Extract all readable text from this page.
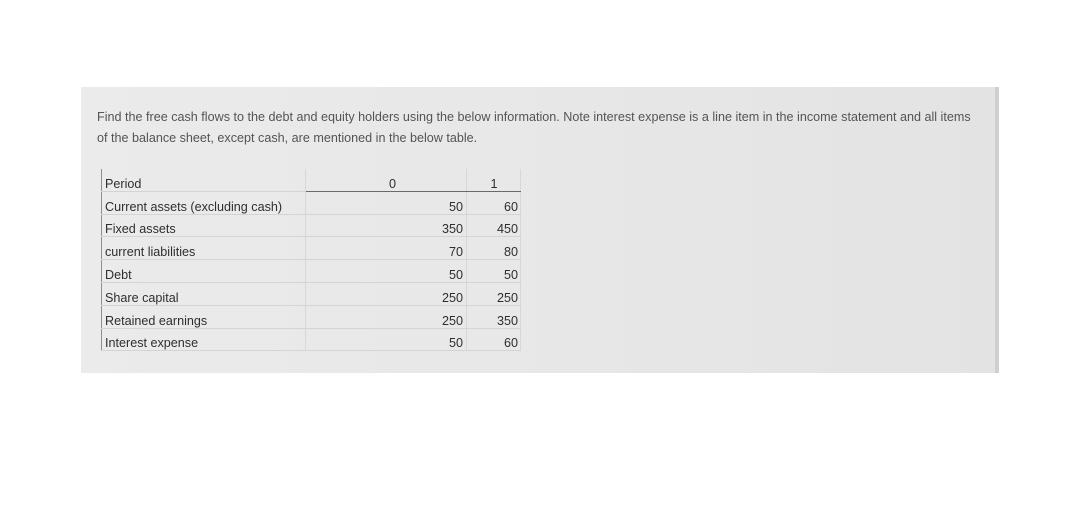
Find the free cash flows to the debt and equity holders using the below information. Note interest expense is a line item in the income statement and all items of the balance sheet, except cash, are mentioned in the below table.

Period	0	1
Current assets (excluding cash)	50	60
Fixed assets	350	450
current liabilities	70	80
Debt	50	50
Share capital	250	250
Retained earnings	250	350
Interest expense	50	60
